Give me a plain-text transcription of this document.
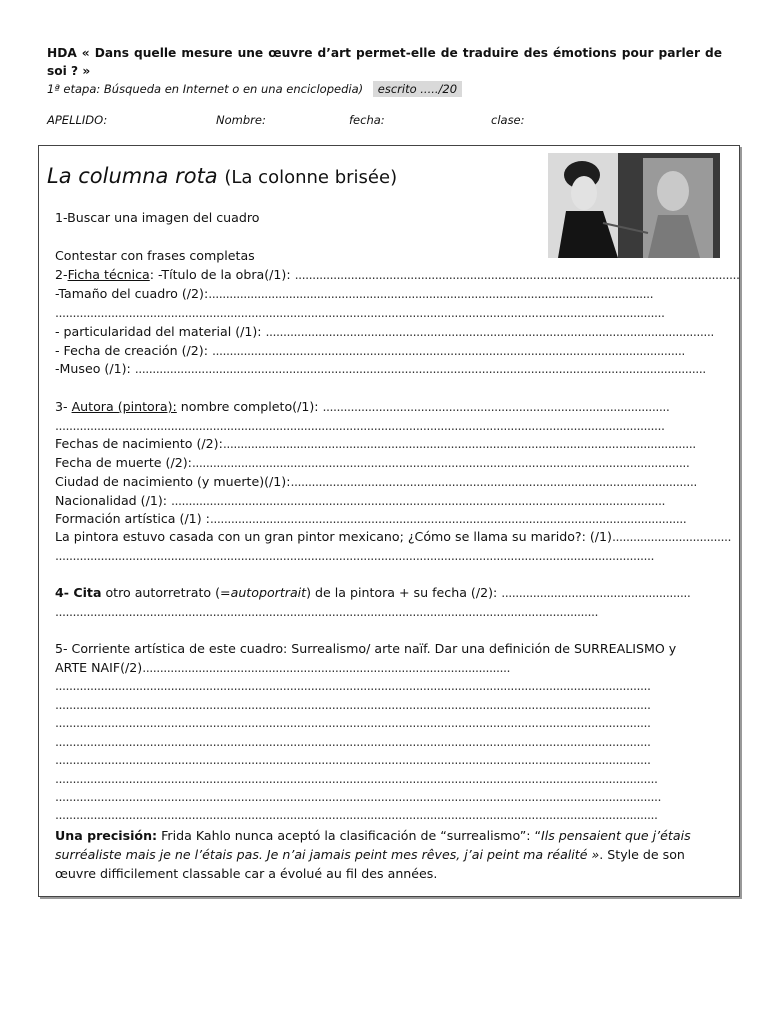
HDA « Dans quelle mesure une œuvre d’art permet-elle de traduire des émotions pour parler de soi ? »
1ª etapa: Búsqueda en Internet o en una enciclopedia) escrito ...../20
APELLIDO:	Nombre:	fecha:	clase:
La columna rota (La colonne brisée)
1-Buscar una imagen del cuadro
Contestar con frases completas
2-Ficha técnica: -Título de la obra(/1): ...............................................................................................................................
-Tamaño del cuadro (/2):...............................................................................................................................
..............................................................................................................................................................................
- particularidad del material (/1): ................................................................................................................................
- Fecha de creación (/2): .......................................................................................................................................
-Museo (/1): ...................................................................................................................................................................
3- Autora (pintora): nombre completo(/1): ...................................................................................................
..............................................................................................................................................................................
Fechas de nacimiento (/2):.......................................................................................................................................
Fecha de muerte (/2):..............................................................................................................................................
Ciudad de nacimiento (y muerte)(/1):....................................................................................................................
Nacionalidad (/1): .............................................................................................................................................
Formación artística (/1) :........................................................................................................................................
La pintora estuvo casada con un gran pintor mexicano; ¿Cómo se llama su marido?: (/1)..................................
...........................................................................................................................................................................
4- Cita otro autorretrato (=autoportrait) de la pintora + su fecha (/2): ......................................................
...........................................................................................................................................................
5- Corriente artística de este cuadro: Surrealismo/ arte naïf. Dar una definición de SURREALISMO y
ARTE NAIF(/2).........................................................................................................
..........................................................................................................................................................................
..........................................................................................................................................................................
..........................................................................................................................................................................
..........................................................................................................................................................................
..........................................................................................................................................................................
............................................................................................................................................................................
.............................................................................................................................................................................
............................................................................................................................................................................
Una precisión: Frida Kahlo nunca aceptó la clasificación de “surrealismo”: “Ils pensaient que j’étais surréaliste mais je ne l’étais pas. Je n’ai jamais peint mes rêves, j’ai peint ma réalité ». Style de son œuvre difficilement classable car a évolué au fil des années.
